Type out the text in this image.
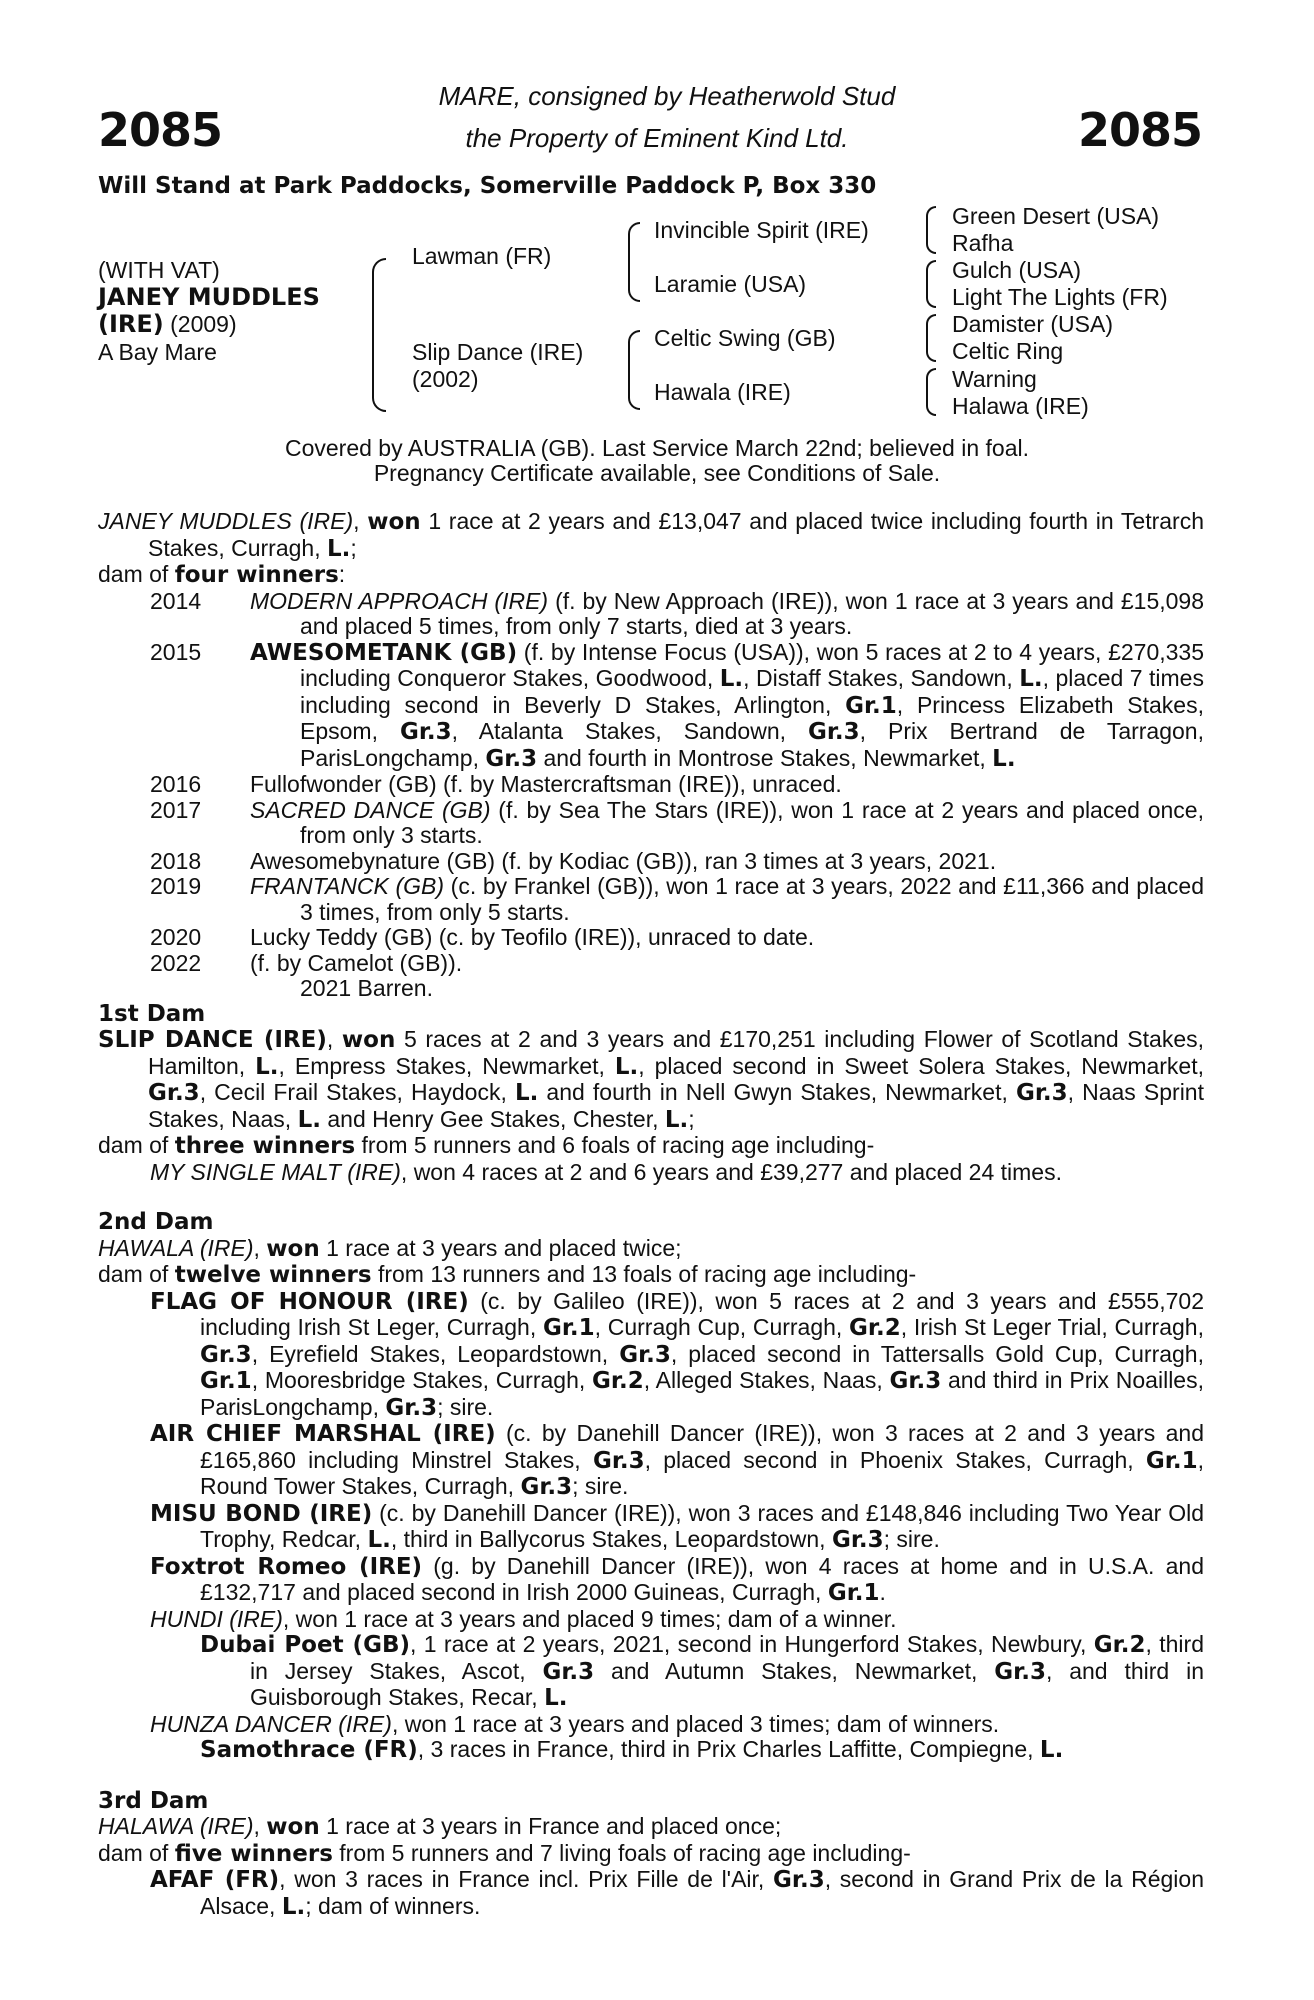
2085	2085
MARE, consigned by Heatherwold Stud
the Property of Eminent Kind Ltd.
Will Stand at Park Paddocks, Somerville Paddock P, Box 330
(WITH VAT)
JANEY MUDDLES
(IRE) (2009)
A Bay Mare
Lawman (FR)
Slip Dance (IRE)
(2002)
Invincible Spirit (IRE)
Laramie (USA)
Celtic Swing (GB)
Hawala (IRE)
Green Desert (USA)
Rafha
Gulch (USA)
Light The Lights (FR)
Damister (USA)
Celtic Ring
Warning
Halawa (IRE)
Covered by AUSTRALIA (GB). Last Service March 22nd; believed in foal.
Pregnancy Certificate available, see Conditions of Sale.

JANEY MUDDLES (IRE), won 1 race at 2 years and £13,047 and placed twice including fourth in Tetrarch Stakes, Curragh, L.;

dam of four winners:

2014	MODERN APPROACH (IRE) (f. by New Approach (IRE)), won 1 race at 3 years and £15,098 and placed 5 times, from only 7 starts, died at 3 years.
2015	AWESOMETANK (GB) (f. by Intense Focus (USA)), won 5 races at 2 to 4 years, £270,335 including Conqueror Stakes, Goodwood, L., Distaff Stakes, Sandown, L., placed 7 times including second in Beverly D Stakes, Arlington, Gr.1, Princess Elizabeth Stakes, Epsom, Gr.3, Atalanta Stakes, Sandown, Gr.3, Prix Bertrand de Tarragon, ParisLongchamp, Gr.3 and fourth in Montrose Stakes, Newmarket, L.
2016	Fullofwonder (GB) (f. by Mastercraftsman (IRE)), unraced.
2017	SACRED DANCE (GB) (f. by Sea The Stars (IRE)), won 1 race at 2 years and placed once, from only 3 starts.
2018	Awesomebynature (GB) (f. by Kodiac (GB)), ran 3 times at 3 years, 2021.
2019	FRANTANCK (GB) (c. by Frankel (GB)), won 1 race at 3 years, 2022 and £11,366 and placed 3 times, from only 5 starts.
2020	Lucky Teddy (GB) (c. by Teofilo (IRE)), unraced to date.
2022	(f. by Camelot (GB)).
2021 Barren.

1st Dam

SLIP DANCE (IRE), won 5 races at 2 and 3 years and £170,251 including Flower of Scotland Stakes, Hamilton, L., Empress Stakes, Newmarket, L., placed second in Sweet Solera Stakes, Newmarket, Gr.3, Cecil Frail Stakes, Haydock, L. and fourth in Nell Gwyn Stakes, Newmarket, Gr.3, Naas Sprint Stakes, Naas, L. and Henry Gee Stakes, Chester, L.;

dam of three winners from 5 runners and 6 foals of racing age including-

MY SINGLE MALT (IRE), won 4 races at 2 and 6 years and £39,277 and placed 24 times.

2nd Dam

HAWALA (IRE), won 1 race at 3 years and placed twice;

dam of twelve winners from 13 runners and 13 foals of racing age including-

FLAG OF HONOUR (IRE) (c. by Galileo (IRE)), won 5 races at 2 and 3 years and £555,702 including Irish St Leger, Curragh, Gr.1, Curragh Cup, Curragh, Gr.2, Irish St Leger Trial, Curragh, Gr.3, Eyrefield Stakes, Leopardstown, Gr.3, placed second in Tattersalls Gold Cup, Curragh, Gr.1, Mooresbridge Stakes, Curragh, Gr.2, Alleged Stakes, Naas, Gr.3 and third in Prix Noailles, ParisLongchamp, Gr.3; sire.

AIR CHIEF MARSHAL (IRE) (c. by Danehill Dancer (IRE)), won 3 races at 2 and 3 years and £165,860 including Minstrel Stakes, Gr.3, placed second in Phoenix Stakes, Curragh, Gr.1, Round Tower Stakes, Curragh, Gr.3; sire.

MISU BOND (IRE) (c. by Danehill Dancer (IRE)), won 3 races and £148,846 including Two Year Old Trophy, Redcar, L., third in Ballycorus Stakes, Leopardstown, Gr.3; sire.

Foxtrot Romeo (IRE) (g. by Danehill Dancer (IRE)), won 4 races at home and in U.S.A. and £132,717 and placed second in Irish 2000 Guineas, Curragh, Gr.1.

HUNDI (IRE), won 1 race at 3 years and placed 9 times; dam of a winner.

Dubai Poet (GB), 1 race at 2 years, 2021, second in Hungerford Stakes, Newbury, Gr.2, third in Jersey Stakes, Ascot, Gr.3 and Autumn Stakes, Newmarket, Gr.3, and third in Guisborough Stakes, Recar, L.

HUNZA DANCER (IRE), won 1 race at 3 years and placed 3 times; dam of winners.

Samothrace (FR), 3 races in France, third in Prix Charles Laffitte, Compiegne, L.

3rd Dam

HALAWA (IRE), won 1 race at 3 years in France and placed once;

dam of five winners from 5 runners and 7 living foals of racing age including-

AFAF (FR), won 3 races in France incl. Prix Fille de l'Air, Gr.3, second in Grand Prix de la Région Alsace, L.; dam of winners.
